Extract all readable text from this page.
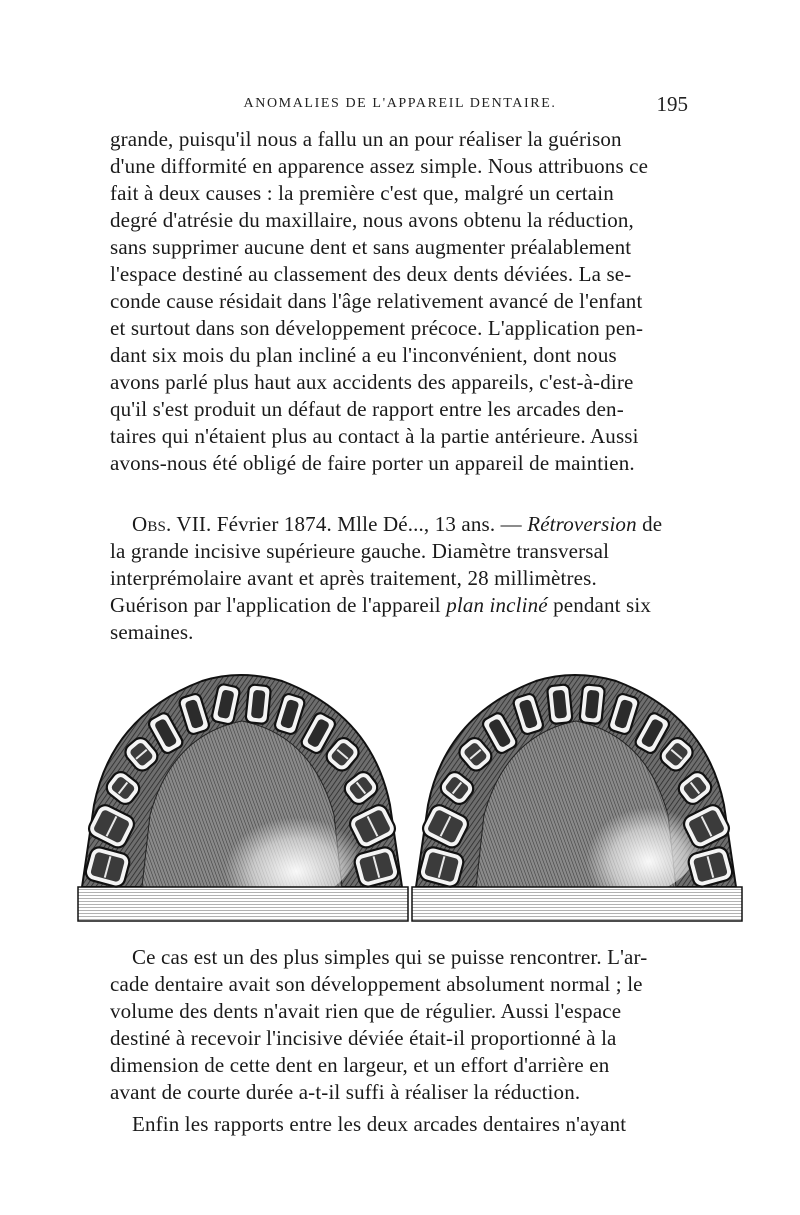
ANOMALIES DE L'APPAREIL DENTAIRE.	195
grande, puisqu'il nous a fallu un an pour réaliser la guérison
d'une difformité en apparence assez simple. Nous attribuons ce
fait à deux causes : la première c'est que, malgré un certain
degré d'atrésie du maxillaire, nous avons obtenu la réduction,
sans supprimer aucune dent et sans augmenter préalablement
l'espace destiné au classement des deux dents déviées. La se-
conde cause résidait dans l'âge relativement avancé de l'enfant
et surtout dans son développement précoce. L'application pen-
dant six mois du plan incliné a eu l'inconvénient, dont nous
avons parlé plus haut aux accidents des appareils, c'est-à-dire
qu'il s'est produit un défaut de rapport entre les arcades den-
taires qui n'étaient plus au contact à la partie antérieure. Aussi
avons-nous été obligé de faire porter un appareil de maintien.
Obs. VII. Février 1874. Mlle Dé..., 13 ans. — Rétroversion de
la grande incisive supérieure gauche. Diamètre transversal
interprémolaire avant et après traitement, 28 millimètres.
Guérison par l'application de l'appareil plan incliné pendant six
semaines.
Ce cas est un des plus simples qui se puisse rencontrer. L'ar-
cade dentaire avait son développement absolument normal ; le
volume des dents n'avait rien que de régulier. Aussi l'espace
destiné à recevoir l'incisive déviée était-il proportionné à la
dimension de cette dent en largeur, et un effort d'arrière en
avant de courte durée a-t-il suffi à réaliser la réduction.
Enfin les rapports entre les deux arcades dentaires n'ayant
